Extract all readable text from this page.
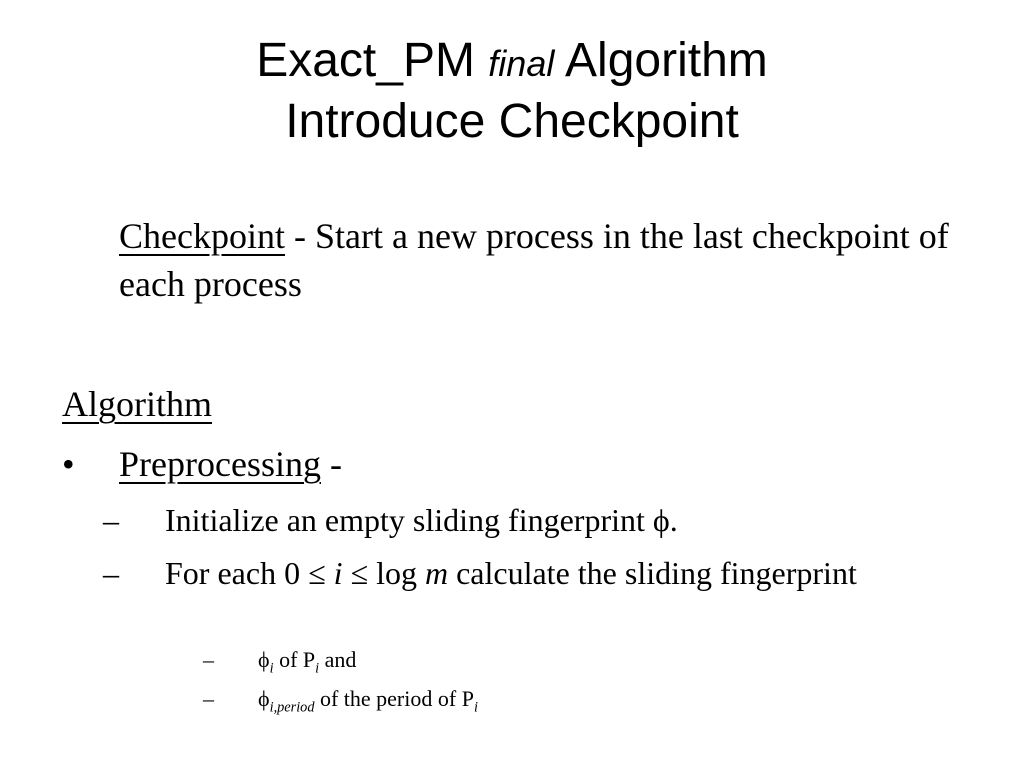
Exact_PM final Algorithm
Introduce Checkpoint
Checkpoint - Start a new process in the last checkpoint of each process
Algorithm
• Preprocessing -
– Initialize an empty sliding fingerprint ϕ.
– For each 0 ≤ i ≤ log m calculate the sliding fingerprint
– $\phi_i$ of $P_i$ and
– $\phi_{i,period}$ of the period of $P_i$
